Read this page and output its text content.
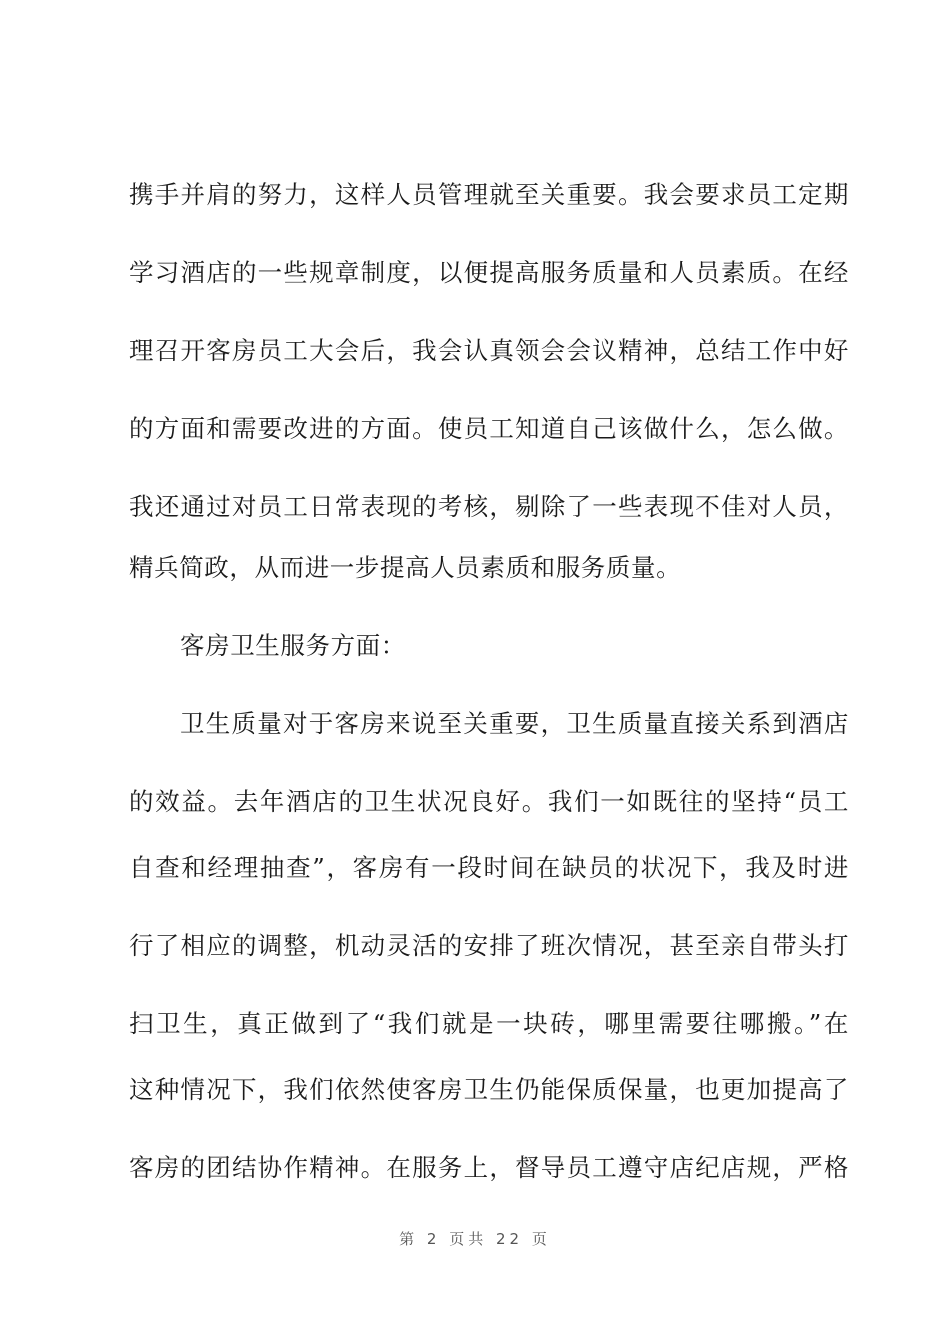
携手并肩的努力，这样人员管理就至关重要。我会要求员工定期
学习酒店的一些规章制度，以便提高服务质量和人员素质。在经
理召开客房员工大会后，我会认真领会会议精神，总结工作中好
的方面和需要改进的方面。使员工知道自己该做什么，怎么做。
我还通过对员工日常表现的考核，剔除了一些表现不佳对人员，
精兵简政，从而进一步提高人员素质和服务质量。
客房卫生服务方面：
卫生质量对于客房来说至关重要，卫生质量直接关系到酒店
的效益。去年酒店的卫生状况良好。我们一如既往的坚持“员工
自查和经理抽查”，客房有一段时间在缺员的状况下，我及时进
行了相应的调整，机动灵活的安排了班次情况，甚至亲自带头打
扫卫生，真正做到了“我们就是一块砖，哪里需要往哪搬。”在
这种情况下，我们依然使客房卫生仍能保质保量，也更加提高了
客房的团结协作精神。在服务上，督导员工遵守店纪店规，严格
第 2 页共 22 页
